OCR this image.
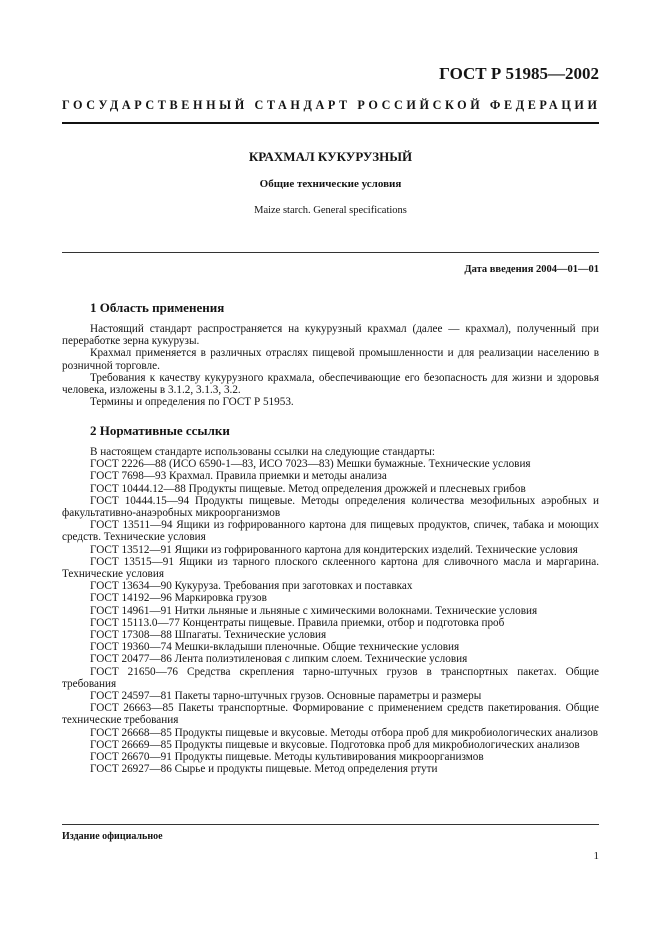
ГОСТ Р 51985—2002
ГОСУДАРСТВЕННЫЙ СТАНДАРТ РОССИЙСКОЙ ФЕДЕРАЦИИ
КРАХМАЛ КУКУРУЗНЫЙ
Общие технические условия
Maize starch. General specifications
Дата введения 2004—01—01
1 Область применения

Настоящий стандарт распространяется на кукурузный крахмал (далее — крахмал), полученный при переработке зерна кукурузы.

Крахмал применяется в различных отраслях пищевой промышленности и для реализации населению в розничной торговле.

Требования к качеству кукурузного крахмала, обеспечивающие его безопасность для жизни и здоровья человека, изложены в 3.1.2, 3.1.3, 3.2.

Термины и определения по ГОСТ Р 51953.

2 Нормативные ссылки

В настоящем стандарте использованы ссылки на следующие стандарты:

ГОСТ 2226—88 (ИСО 6590-1—83, ИСО 7023—83) Мешки бумажные. Технические условия

ГОСТ 7698—93 Крахмал. Правила приемки и методы анализа

ГОСТ 10444.12—88 Продукты пищевые. Метод определения дрожжей и плесневых грибов

ГОСТ 10444.15—94 Продукты пищевые. Методы определения количества мезофильных аэробных и факультативно-анаэробных микроорганизмов

ГОСТ 13511—94 Ящики из гофрированного картона для пищевых продуктов, спичек, табака и моющих средств. Технические условия

ГОСТ 13512—91 Ящики из гофрированного картона для кондитерских изделий. Технические условия

ГОСТ 13515—91 Ящики из тарного плоского склеенного картона для сливочного масла и маргарина. Технические условия

ГОСТ 13634—90 Кукуруза. Требования при заготовках и поставках

ГОСТ 14192—96 Маркировка грузов

ГОСТ 14961—91 Нитки льняные и льняные с химическими волокнами. Технические условия

ГОСТ 15113.0—77 Концентраты пищевые. Правила приемки, отбор и подготовка проб

ГОСТ 17308—88 Шпагаты. Технические условия

ГОСТ 19360—74 Мешки-вкладыши пленочные. Общие технические условия

ГОСТ 20477—86 Лента полиэтиленовая с липким слоем. Технические условия

ГОСТ 21650—76 Средства скрепления тарно-штучных грузов в транспортных пакетах. Общие требования

ГОСТ 24597—81 Пакеты тарно-штучных грузов. Основные параметры и размеры

ГОСТ 26663—85 Пакеты транспортные. Формирование с применением средств пакетирования. Общие технические требования

ГОСТ 26668—85 Продукты пищевые и вкусовые. Методы отбора проб для микробиологических анализов

ГОСТ 26669—85 Продукты пищевые и вкусовые. Подготовка проб для микробиологических анализов

ГОСТ 26670—91 Продукты пищевые. Методы культивирования микроорганизмов

ГОСТ 26927—86 Сырье и продукты пищевые. Метод определения ртути

Издание официальное
1
